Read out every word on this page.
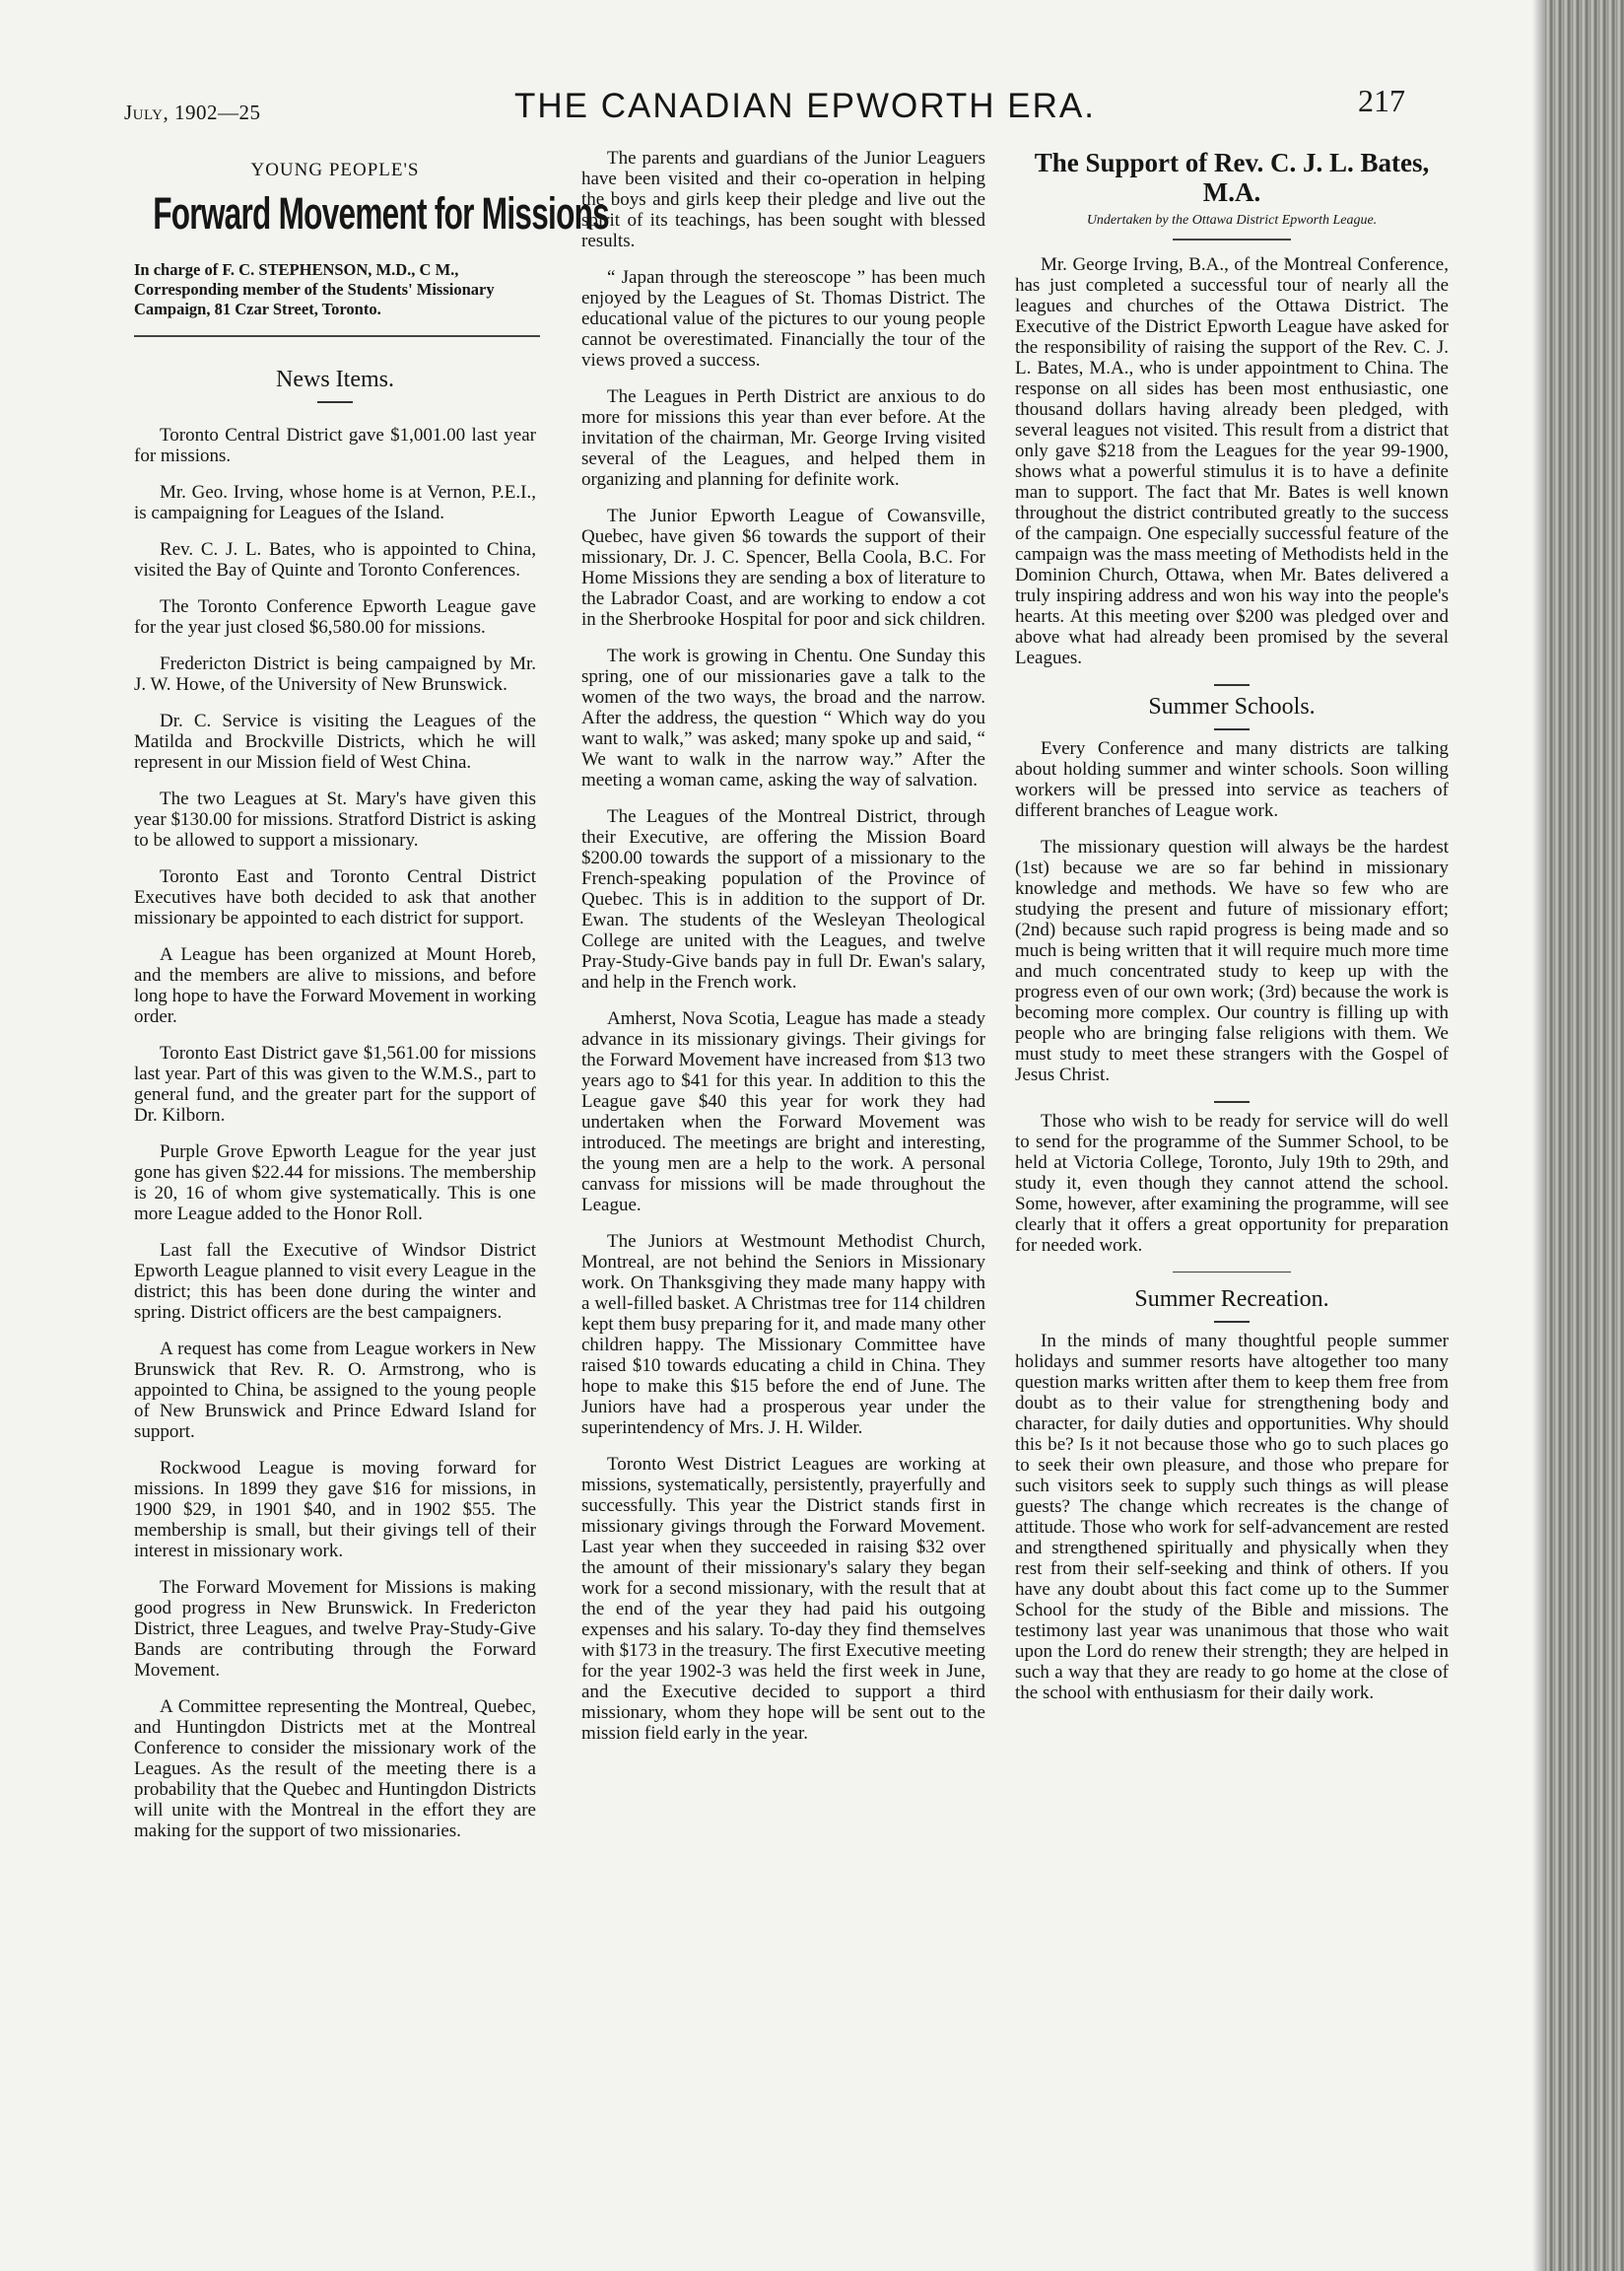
July, 1902—25	THE CANADIAN EPWORTH ERA.	217
YOUNG PEOPLE'S
Forward Movement for Missions

In charge of F. C. STEPHENSON, M.D., C M., Corresponding member of the Students' Missionary Campaign, 81 Czar Street, Toronto.

News Items.

Toronto Central District gave $1,001.00 last year for missions.

Mr. Geo. Irving, whose home is at Vernon, P.E.I., is campaigning for Leagues of the Island.

Rev. C. J. L. Bates, who is appointed to China, visited the Bay of Quinte and Toronto Conferences.

The Toronto Conference Epworth League gave for the year just closed $6,580.00 for missions.

Fredericton District is being campaigned by Mr. J. W. Howe, of the University of New Brunswick.

Dr. C. Service is visiting the Leagues of the Matilda and Brockville Districts, which he will represent in our Mission field of West China.

The two Leagues at St. Mary's have given this year $130.00 for missions. Stratford District is asking to be allowed to support a missionary.

Toronto East and Toronto Central District Executives have both decided to ask that another missionary be appointed to each district for support.

A League has been organized at Mount Horeb, and the members are alive to missions, and before long hope to have the Forward Movement in working order.

Toronto East District gave $1,561.00 for missions last year. Part of this was given to the W.M.S., part to general fund, and the greater part for the support of Dr. Kilborn.

Purple Grove Epworth League for the year just gone has given $22.44 for missions. The membership is 20, 16 of whom give systematically. This is one more League added to the Honor Roll.

Last fall the Executive of Windsor District Epworth League planned to visit every League in the district; this has been done during the winter and spring. District officers are the best campaigners.

A request has come from League workers in New Brunswick that Rev. R. O. Armstrong, who is appointed to China, be assigned to the young people of New Brunswick and Prince Edward Island for support.

Rockwood League is moving forward for missions. In 1899 they gave $16 for missions, in 1900 $29, in 1901 $40, and in 1902 $55. The membership is small, but their givings tell of their interest in missionary work.

The Forward Movement for Missions is making good progress in New Brunswick. In Fredericton District, three Leagues, and twelve Pray-Study-Give Bands are contributing through the Forward Movement.

A Committee representing the Montreal, Quebec, and Huntingdon Districts met at the Montreal Conference to consider the missionary work of the Leagues. As the result of the meeting there is a probability that the Quebec and Huntingdon Districts will unite with the Montreal in the effort they are making for the support of two missionaries.

The parents and guardians of the Junior Leaguers have been visited and their co-operation in helping the boys and girls keep their pledge and live out the spirit of its teachings, has been sought with blessed results.

“ Japan through the stereoscope ” has been much enjoyed by the Leagues of St. Thomas District. The educational value of the pictures to our young people cannot be overestimated. Financially the tour of the views proved a success.

The Leagues in Perth District are anxious to do more for missions this year than ever before. At the invitation of the chairman, Mr. George Irving visited several of the Leagues, and helped them in organizing and planning for definite work.

The Junior Epworth League of Cowansville, Quebec, have given $6 towards the support of their missionary, Dr. J. C. Spencer, Bella Coola, B.C. For Home Missions they are sending a box of literature to the Labrador Coast, and are working to endow a cot in the Sherbrooke Hospital for poor and sick children.

The work is growing in Chentu. One Sunday this spring, one of our missionaries gave a talk to the women of the two ways, the broad and the narrow. After the address, the question “ Which way do you want to walk,” was asked; many spoke up and said, “ We want to walk in the narrow way.” After the meeting a woman came, asking the way of salvation.

The Leagues of the Montreal District, through their Executive, are offering the Mission Board $200.00 towards the support of a missionary to the French-speaking population of the Province of Quebec. This is in addition to the support of Dr. Ewan. The students of the Wesleyan Theological College are united with the Leagues, and twelve Pray-Study-Give bands pay in full Dr. Ewan's salary, and help in the French work.

Amherst, Nova Scotia, League has made a steady advance in its missionary givings. Their givings for the Forward Movement have increased from $13 two years ago to $41 for this year. In addition to this the League gave $40 this year for work they had undertaken when the Forward Movement was introduced. The meetings are bright and interesting, the young men are a help to the work. A personal canvass for missions will be made throughout the League.

The Juniors at Westmount Methodist Church, Montreal, are not behind the Seniors in Missionary work. On Thanksgiving they made many happy with a well-filled basket. A Christmas tree for 114 children kept them busy preparing for it, and made many other children happy. The Missionary Committee have raised $10 towards educating a child in China. They hope to make this $15 before the end of June. The Juniors have had a prosperous year under the superintendency of Mrs. J. H. Wilder.

Toronto West District Leagues are working at missions, systematically, persistently, prayerfully and successfully. This year the District stands first in missionary givings through the Forward Movement. Last year when they succeeded in raising $32 over the amount of their missionary's salary they began work for a second missionary, with the result that at the end of the year they had paid his outgoing expenses and his salary. To-day they find themselves with $173 in the treasury. The first Executive meeting for the year 1902-3 was held the first week in June, and the Executive decided to support a third missionary, whom they hope will be sent out to the mission field early in the year.

The Support of Rev. C. J. L. Bates, M.A.
Undertaken by the Ottawa District Epworth League.

Mr. George Irving, B.A., of the Montreal Conference, has just completed a successful tour of nearly all the leagues and churches of the Ottawa District. The Executive of the District Epworth League have asked for the responsibility of raising the support of the Rev. C. J. L. Bates, M.A., who is under appointment to China. The response on all sides has been most enthusiastic, one thousand dollars having already been pledged, with several leagues not visited. This result from a district that only gave $218 from the Leagues for the year 99-1900, shows what a powerful stimulus it is to have a definite man to support. The fact that Mr. Bates is well known throughout the district contributed greatly to the success of the campaign. One especially successful feature of the campaign was the mass meeting of Methodists held in the Dominion Church, Ottawa, when Mr. Bates delivered a truly inspiring address and won his way into the people's hearts. At this meeting over $200 was pledged over and above what had already been promised by the several Leagues.

Summer Schools.

Every Conference and many districts are talking about holding summer and winter schools. Soon willing workers will be pressed into service as teachers of different branches of League work.

The missionary question will always be the hardest (1st) because we are so far behind in missionary knowledge and methods. We have so few who are studying the present and future of missionary effort; (2nd) because such rapid progress is being made and so much is being written that it will require much more time and much concentrated study to keep up with the progress even of our own work; (3rd) because the work is becoming more complex. Our country is filling up with people who are bringing false religions with them. We must study to meet these strangers with the Gospel of Jesus Christ.

Those who wish to be ready for service will do well to send for the programme of the Summer School, to be held at Victoria College, Toronto, July 19th to 29th, and study it, even though they cannot attend the school. Some, however, after examining the programme, will see clearly that it offers a great opportunity for preparation for needed work.

Summer Recreation.

In the minds of many thoughtful people summer holidays and summer resorts have altogether too many question marks written after them to keep them free from doubt as to their value for strengthening body and character, for daily duties and opportunities. Why should this be? Is it not because those who go to such places go to seek their own pleasure, and those who prepare for such visitors seek to supply such things as will please guests? The change which recreates is the change of attitude. Those who work for self-advancement are rested and strengthened spiritually and physically when they rest from their self-seeking and think of others. If you have any doubt about this fact come up to the Summer School for the study of the Bible and missions. The testimony last year was unanimous that those who wait upon the Lord do renew their strength; they are helped in such a way that they are ready to go home at the close of the school with enthusiasm for their daily work.
